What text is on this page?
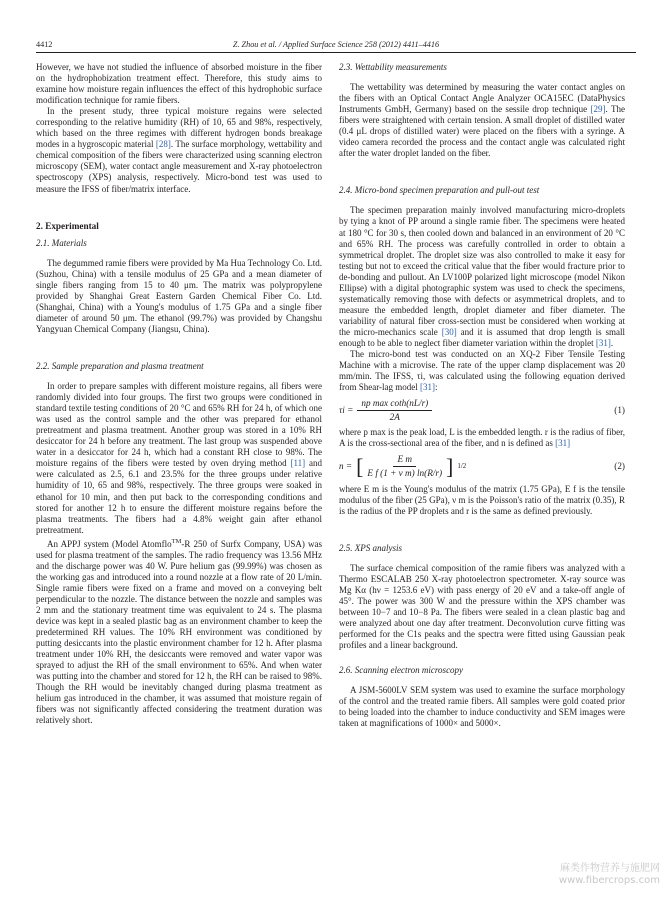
4412	Z. Zhou et al. / Applied Surface Science 258 (2012) 4411–4416

However, we have not studied the influence of absorbed moisture in the fiber on the hydrophobization treatment effect. Therefore, this study aims to examine how moisture regain influences the effect of this hydrophobic surface modification technique for ramie fibers.

In the present study, three typical moisture regains were selected corresponding to the relative humidity (RH) of 10, 65 and 98%, respectively, which based on the three regimes with different hydrogen bonds breakage modes in a hygroscopic material [28]. The surface morphology, wettability and chemical composition of the fibers were characterized using scanning electron microscopy (SEM), water contact angle measurement and X-ray photoelectron spectroscopy (XPS) analysis, respectively. Micro-bond test was used to measure the IFSS of fiber/matrix interface.

2. Experimental
2.1. Materials

The degummed ramie fibers were provided by Ma Hua Technology Co. Ltd. (Suzhou, China) with a tensile modulus of 25 GPa and a mean diameter of single fibers ranging from 15 to 40 μm. The matrix was polypropylene provided by Shanghai Great Eastern Garden Chemical Fiber Co. Ltd. (Shanghai, China) with a Young's modulus of 1.75 GPa and a single fiber diameter of around 50 μm. The ethanol (99.7%) was provided by Changshu Yangyuan Chemical Company (Jiangsu, China).

2.2. Sample preparation and plasma treatment

In order to prepare samples with different moisture regains, all fibers were randomly divided into four groups. The first two groups were conditioned in standard textile testing conditions of 20 °C and 65% RH for 24 h, of which one was used as the control sample and the other was prepared for ethanol pretreatment and plasma treatment. Another group was stored in a 10% RH desiccator for 24 h before any treatment. The last group was suspended above water in a desiccator for 24 h, which had a constant RH close to 98%. The moisture regains of the fibers were tested by oven drying method [11] and were calculated as 2.5, 6.1 and 23.5% for the three groups under relative humidity of 10, 65 and 98%, respectively. The three groups were soaked in ethanol for 10 min, and then put back to the corresponding conditions and stored for another 12 h to ensure the different moisture regains before the plasma treatments. The fibers had a 4.8% weight gain after ethanol pretreatment.

An APPJ system (Model Atomflo™-R 250 of Surfx Company, USA) was used for plasma treatment of the samples. The radio frequency was 13.56 MHz and the discharge power was 40 W. Pure helium gas (99.99%) was chosen as the working gas and introduced into a round nozzle at a flow rate of 20 L/min. Single ramie fibers were fixed on a frame and moved on a conveying belt perpendicular to the nozzle. The distance between the nozzle and samples was 2 mm and the stationary treatment time was equivalent to 24 s. The plasma device was kept in a sealed plastic bag as an environment chamber to keep the predetermined RH values. The 10% RH environment was conditioned by putting desiccants into the plastic environment chamber for 12 h. After plasma treatment under 10% RH, the desiccants were removed and water vapor was sprayed to adjust the RH of the small environment to 65%. And when water was putting into the chamber and stored for 12 h, the RH can be raised to 98%. Though the RH would be inevitably changed during plasma treatment as helium gas introduced in the chamber, it was assumed that moisture regain of fibers was not significantly affected considering the treatment duration was relatively short.

2.3. Wettability measurements

The wettability was determined by measuring the water contact angles on the fibers with an Optical Contact Angle Analyzer OCA15EC (DataPhysics Instruments GmbH, Germany) based on the sessile drop technique [29]. The fibers were straightened with certain tension. A small droplet of distilled water (0.4 μL drops of distilled water) were placed on the fibers with a syringe. A video camera recorded the process and the contact angle was calculated right after the water droplet landed on the fiber.

2.4. Micro-bond specimen preparation and pull-out test

The specimen preparation mainly involved manufacturing micro-droplets by tying a knot of PP around a single ramie fiber. The specimens were heated at 180 °C for 30 s, then cooled down and balanced in an environment of 20 °C and 65% RH. The process was carefully controlled in order to obtain a symmetrical droplet. The droplet size was also controlled to make it easy for testing but not to exceed the critical value that the fiber would fracture prior to de-bonding and pullout. An LV100P polarized light microscope (model Nikon Ellipse) with a digital photographic system was used to check the specimens, systematically removing those with defects or asymmetrical droplets, and to measure the embedded length, droplet diameter and fiber diameter. The variability of natural fiber cross-section must be considered when working at the micro-mechanics scale [30] and it is assumed that drop length is small enough to be able to neglect fiber diameter variation within the droplet [31].

The micro-bond test was conducted on an XQ-2 Fiber Tensile Testing Machine with a microvise. The rate of the upper clamp displacement was 20 mm/min. The IFSS, τi, was calculated using the following equation derived from Shear-lag model [31]:

$\tau i = \frac{\text{np max coth(nL/r)}}{2A}$	(1)

where p max is the peak load, L is the embedded length. r is the radius of fiber, A is the cross-sectional area of the fiber, and n is defined as [31]

n = [ $\frac{\text{E m}}{\text{E f (1 + ν m) ln(R/r)}}$ ] 1/2	(2)

where E m is the Young's modulus of the matrix (1.75 GPa), E f is the tensile modulus of the fiber (25 GPa), ν m is the Poisson's ratio of the matrix (0.35), R is the radius of the PP droplets and r is the same as defined previously.

2.5. XPS analysis

The surface chemical composition of the ramie fibers was analyzed with a Thermo ESCALAB 250 X-ray photoelectron spectrometer. X-ray source was Mg Kα (hν = 1253.6 eV) with pass energy of 20 eV and a take-off angle of 45°. The power was 300 W and the pressure within the XPS chamber was between 10−7 and 10−8 Pa. The fibers were sealed in a clean plastic bag and were analyzed about one day after treatment. Deconvolution curve fitting was performed for the C1s peaks and the spectra were fitted using Gaussian peak profiles and a linear background.

2.6. Scanning electron microscopy

A JSM-5600LV SEM system was used to examine the surface morphology of the control and the treated ramie fibers. All samples were gold coated prior to being loaded into the chamber to induce conductivity and SEM images were taken at magnifications of 1000× and 5000×.

麻类作物营养与施肥网
www.fibercrops.com
